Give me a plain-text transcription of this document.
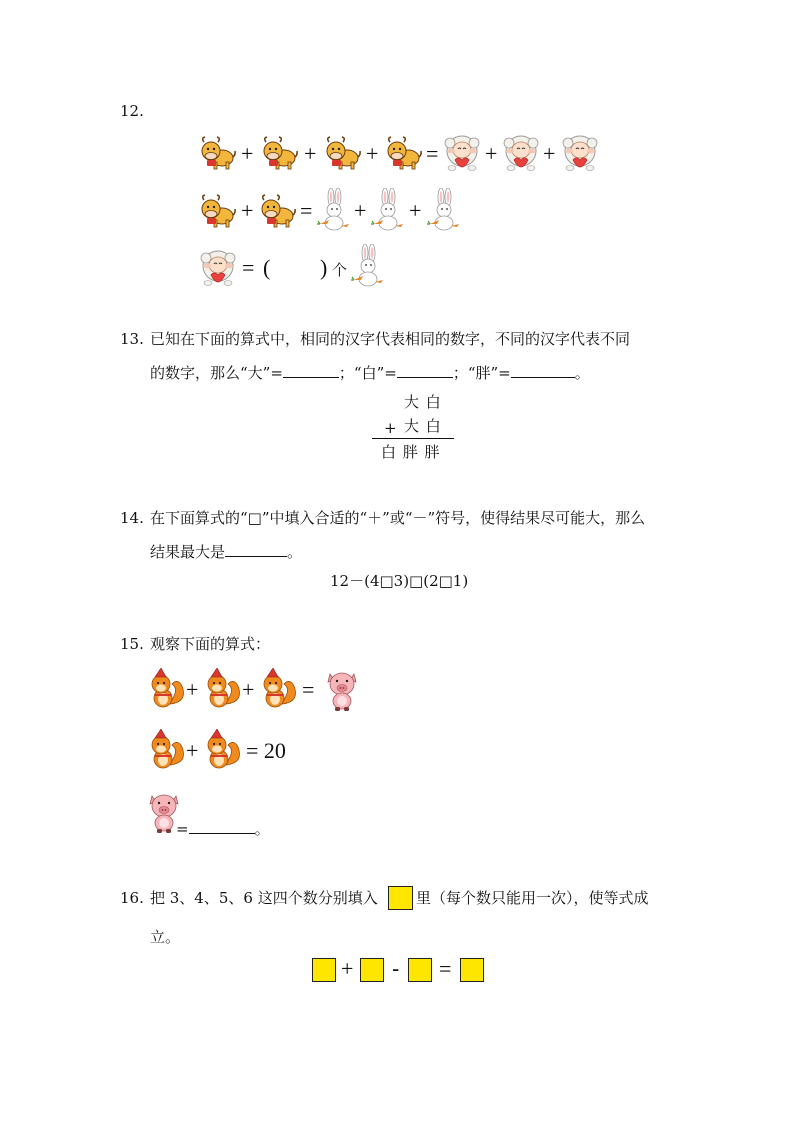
12.
+ + + = + +
+ = + +
= ( ) 个
13. 已知在下面的算式中，相同的汉字代表相同的数字，不同的汉字代表不同
的数字，那么“大”=	；“白”=	；“胖”=	。
大 白
+ 大 白
白 胖 胖
14. 在下面算式的“□”中填入合适的“＋”或“－”符号，使得结果尽可能大，那么
结果最大是	。
12－(4□3)□(2□1)
15. 观察下面的算式：
+ + =
+ = 20
=	。
16. 把 3、4、5、6 这四个数分别填入	里（每个数只能用一次），使等式成
立。
+ - =
